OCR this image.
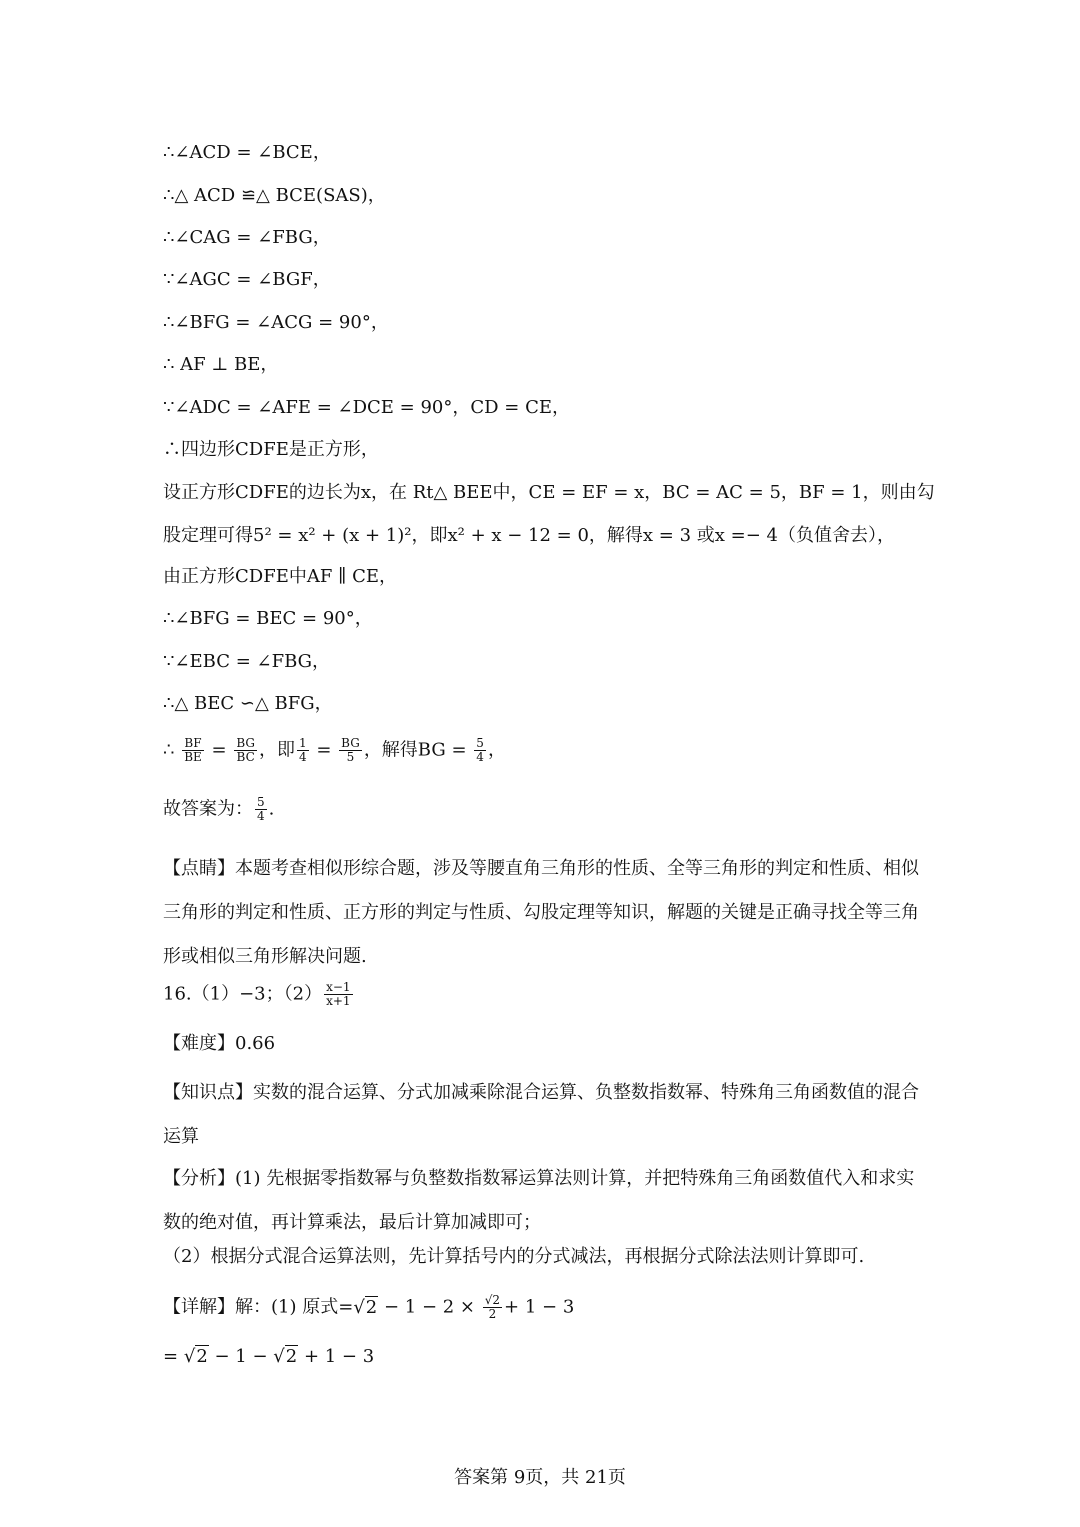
∴∠ACD = ∠BCE，
∴△ ACD ≌△ BCE(SAS)，
∴∠CAG = ∠FBG，
∵∠AGC = ∠BGF，
∴∠BFG = ∠ACG = 90°，
∴ AF ⊥ BE，
∵∠ADC = ∠AFE = ∠DCE = 90°，CD = CE，
∴四边形CDFE是正方形，
设正方形CDFE的边长为x，在 Rt△ BEE中，CE = EF = x，BC = AC = 5，BF = 1，则由勾
股定理可得5² = x² + (x + 1)²，即x² + x − 12 = 0，解得x = 3 或x =− 4（负值舍去），
由正方形CDFE中AF ∥ CE，
∴∠BFG = BEC = 90°，
∵∠EBC = ∠FBG，
∴△ BEC ∽△ BFG，
∴ $\frac{BF}{BE} = \frac{BG}{BC}$ ，即 $\frac{1}{4} = \frac{BG}{5}$ ，解得BG = $\frac{5}{4}$ ，
故答案为： $\frac{5}{4}$ .
【点睛】本题考查相似形综合题，涉及等腰直角三角形的性质、全等三角形的判定和性质、相似三角形的判定和性质、正方形的判定与性质、勾股定理等知识，解题的关键是正确寻找全等三角形或相似三角形解决问题.
16.（1）−3；$(2) \frac{x-1}{x+1}$
【难度】0.66
【知识点】实数的混合运算、分式加减乘除混合运算、负整数指数幂、特殊角三角函数值的混合运算
【分析】(1) 先根据零指数幂与负整数指数幂运算法则计算，并把特殊角三角函数值代入和求实数的绝对值，再计算乘法，最后计算加减即可；
（2）根据分式混合运算法则，先计算括号内的分式减法，再根据分式除法法则计算即可.
【详解】解：(1) 原式$=√2 - 1 - 2 \times \frac{√2}{2} + 1 - 3$
= √2 − 1 − √2 + 1 − 3
答案第 9页，共 21页
